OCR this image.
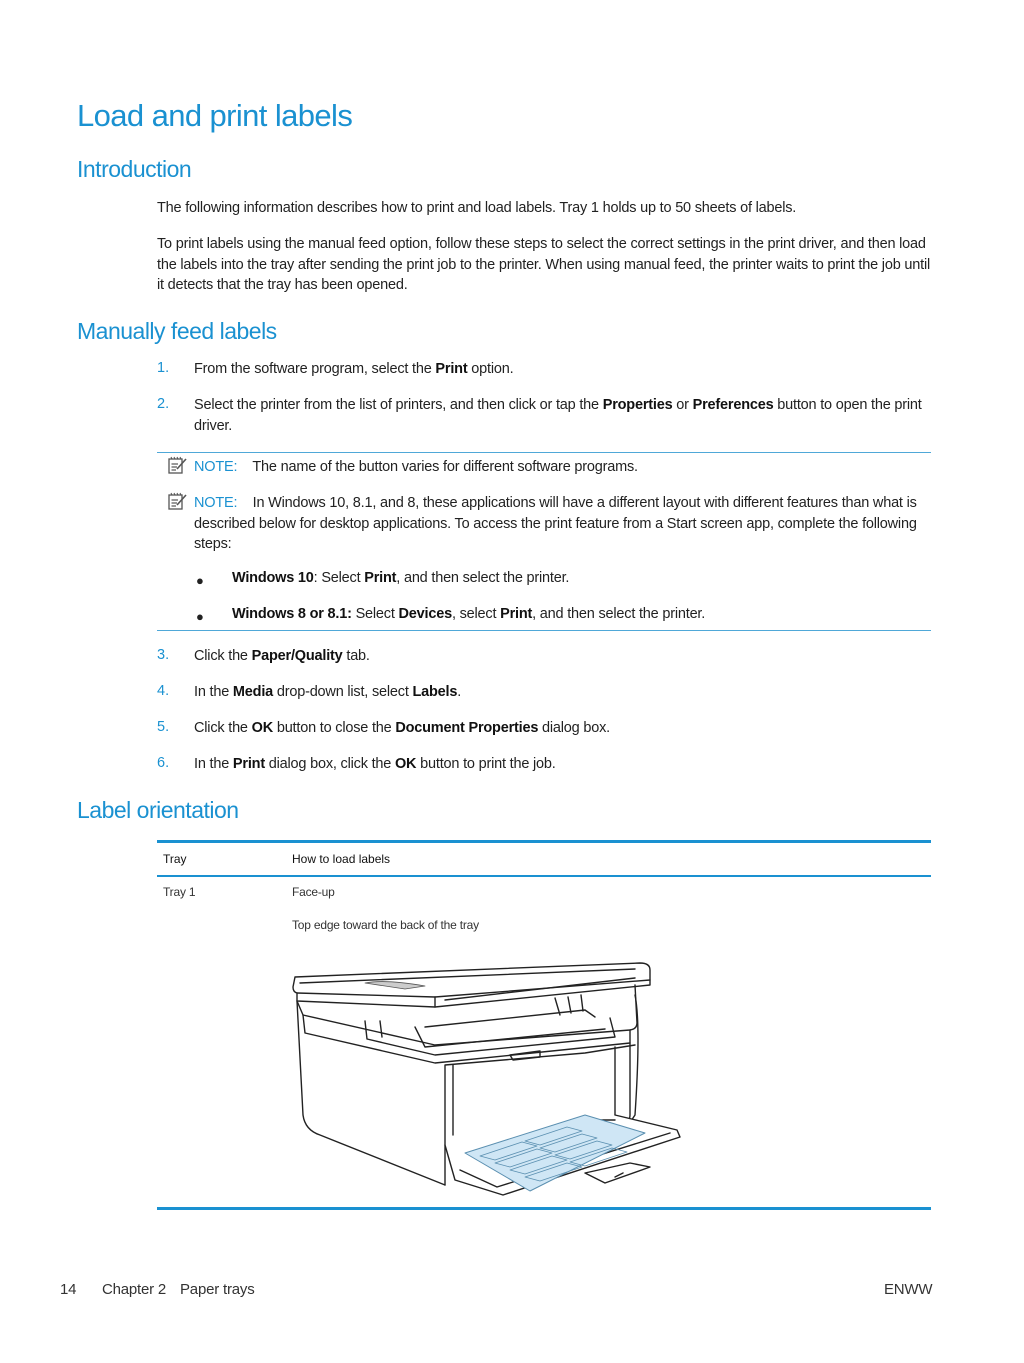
Load and print labels
Introduction

The following information describes how to print and load labels. Tray 1 holds up to 50 sheets of labels.

To print labels using the manual feed option, follow these steps to select the correct settings in the print driver, and then load the labels into the tray after sending the print job to the printer. When using manual feed, the printer waits to print the job until it detects that the tray has been opened.

Manually feed labels
1. From the software program, select the Print option.
2. Select the printer from the list of printers, and then click or tap the Properties or Preferences button to open the print driver.
NOTE: The name of the button varies for different software programs.
NOTE: In Windows 10, 8.1, and 8, these applications will have a different layout with different features than what is described below for desktop applications. To access the print feature from a Start screen app, complete the following steps:
● Windows 10: Select Print, and then select the printer.
● Windows 8 or 8.1: Select Devices, select Print, and then select the printer.
3. Click the Paper/Quality tab.
4. In the Media drop-down list, select Labels.
5. Click the OK button to close the Document Properties dialog box.
6. In the Print dialog box, click the OK button to print the job.
Label orientation
Tray	How to load labels
Tray 1	Face-up
Top edge toward the back of the tray
14 Chapter 2 Paper trays	ENWW
